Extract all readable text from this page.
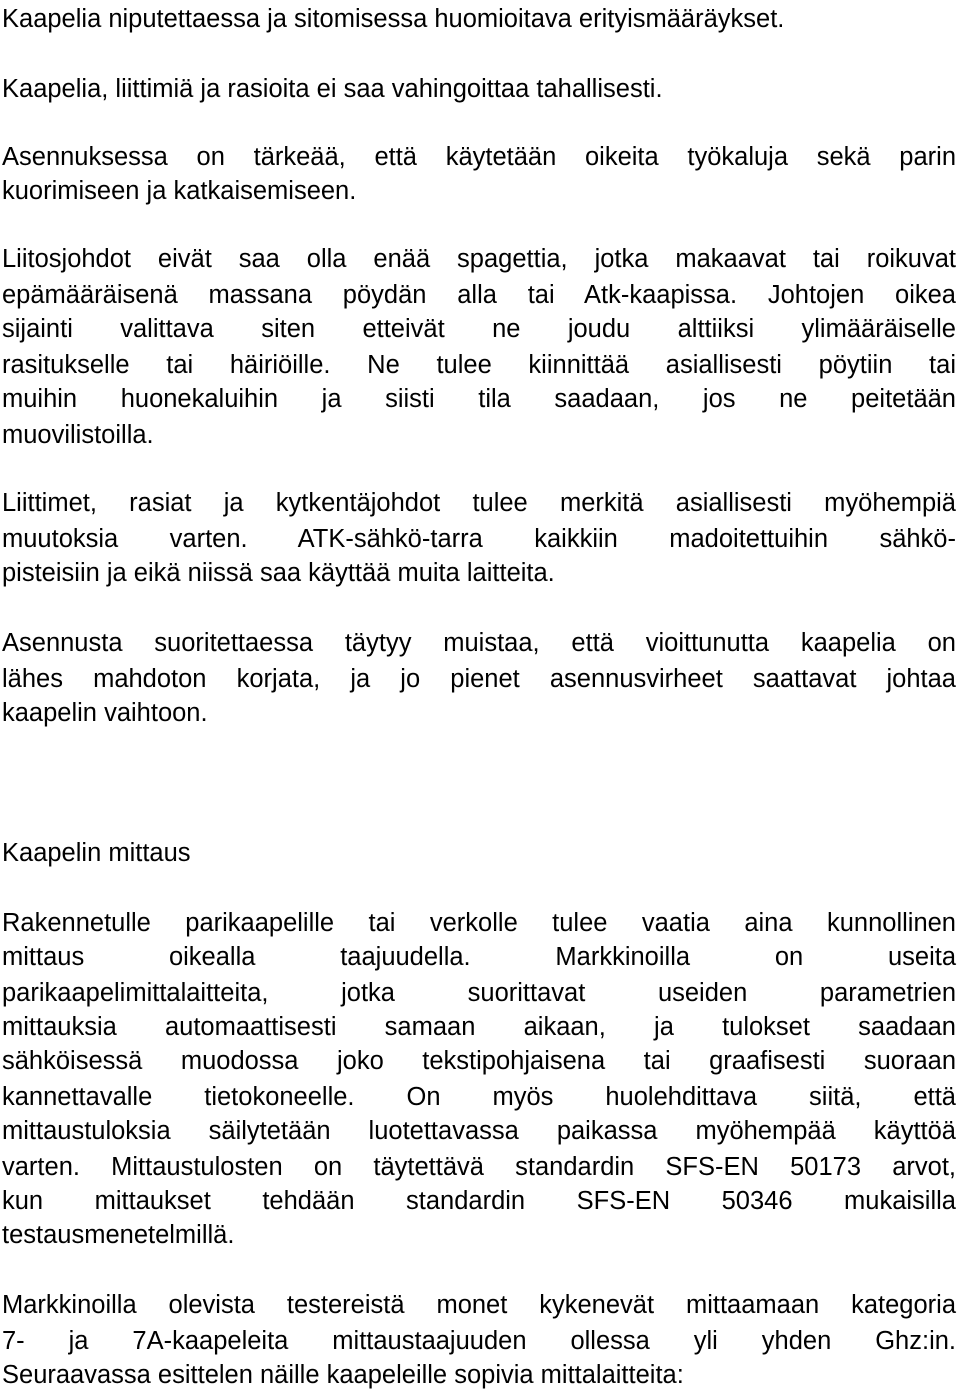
Kaapelia niputettaessa ja sitomisessa huomioitava erityismääräykset.
Kaapelia, liittimiä ja rasioita ei saa vahingoittaa tahallisesti.
Asennuksessa on tärkeää, että käytetään oikeita työkaluja sekä parin
kuorimiseen ja katkaisemiseen.
Liitosjohdot eivät saa olla enää spagettia, jotka makaavat tai roikuvat
epämääräisenä massana pöydän alla tai Atk-kaapissa. Johtojen oikea
sijainti valittava siten etteivät ne joudu alttiiksi ylimääräiselle
rasitukselle tai häiriöille. Ne tulee kiinnittää asiallisesti pöytiin tai
muihin huonekaluihin ja siisti tila saadaan, jos ne peitetään
muovilistoilla.
Liittimet, rasiat ja kytkentäjohdot tulee merkitä asiallisesti myöhempiä
muutoksia varten. ATK-sähkö-tarra kaikkiin madoitettuihin sähkö-
pisteisiin ja eikä niissä saa käyttää muita laitteita.
Asennusta suoritettaessa täytyy muistaa, että vioittunutta kaapelia on
lähes mahdoton korjata, ja jo pienet asennusvirheet saattavat johtaa
kaapelin vaihtoon.
Kaapelin mittaus
Rakennetulle parikaapelille tai verkolle tulee vaatia aina kunnollinen
mittaus oikealla taajuudella. Markkinoilla on useita
parikaapelimittalaitteita, jotka suorittavat useiden parametrien
mittauksia automaattisesti samaan aikaan, ja tulokset saadaan
sähköisessä muodossa joko tekstipohjaisena tai graafisesti suoraan
kannettavalle tietokoneelle. On myös huolehdittava siitä, että
mittaustuloksia säilytetään luotettavassa paikassa myöhempää käyttöä
varten. Mittaustulosten on täytettävä standardin SFS-EN 50173 arvot,
kun mittaukset tehdään standardin SFS-EN 50346 mukaisilla
testausmenetelmillä.
Markkinoilla olevista testereistä monet kykenevät mittaamaan kategoria
7- ja 7A-kaapeleita mittaustaajuuden ollessa yli yhden Ghz:in.
Seuraavassa esittelen näille kaapeleille sopivia mittalaitteita:
